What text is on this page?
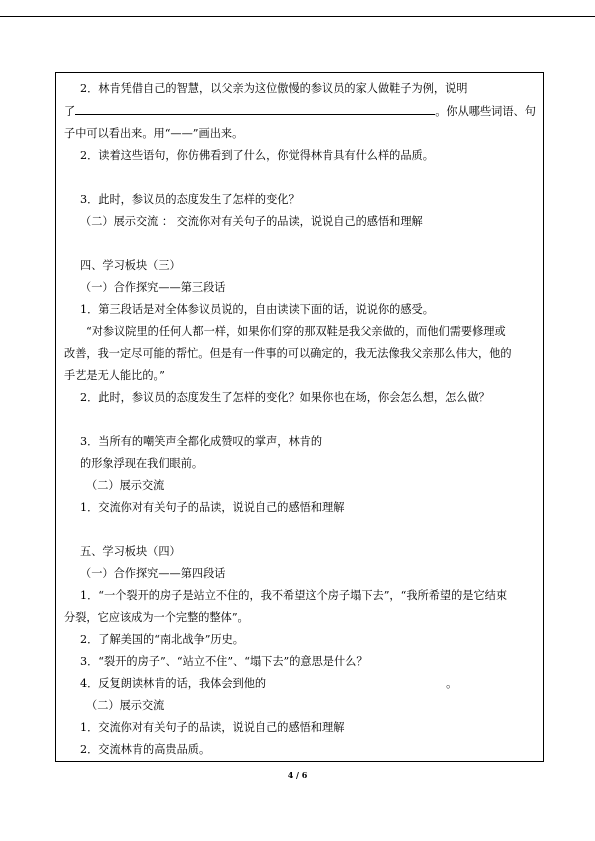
2．林肯凭借自己的智慧，以父亲为这位傲慢的参议员的家人做鞋子为例，说明
了	。你从哪些词语、句
子中可以看出来。用“——”画出来。
2．读着这些语句，你仿佛看到了什么，你觉得林肯具有什么样的品质。
3．此时，参议员的态度发生了怎样的变化？
（二）展示交流 ： 交流你对有关句子的品读，说说自己的感悟和理解
四、学习板块（三）
（一）合作探究——第三段话
1．第三段话是对全体参议员说的，自由读读下面的话，说说你的感受。
“对参议院里的任何人都一样，如果你们穿的那双鞋是我父亲做的，而他们需要修理或
改善，我一定尽可能的帮忙。但是有一件事的可以确定的，我无法像我父亲那么伟大，他的
手艺是无人能比的。”
2．此时，参议员的态度发生了怎样的变化？如果你也在场，你会怎么想，怎么做？
3．当所有的嘲笑声全都化成赞叹的掌声，林肯的
的形象浮现在我们眼前。
（二）展示交流
1．交流你对有关句子的品读，说说自己的感悟和理解
五、学习板块（四）
（一）合作探究——第四段话
1．“一个裂开的房子是站立不住的，我不希望这个房子塌下去”，“我所希望的是它结束
分裂，它应该成为一个完整的整体”。
2．了解美国的“南北战争”历史。
3．“裂开的房子”、“站立不住”、“塌下去”的意思是什么？
4．反复朗读林肯的话，我体会到他的	。
（二）展示交流
1．交流你对有关句子的品读，说说自己的感悟和理解
2．交流林肯的高贵品质。
4 / 6
